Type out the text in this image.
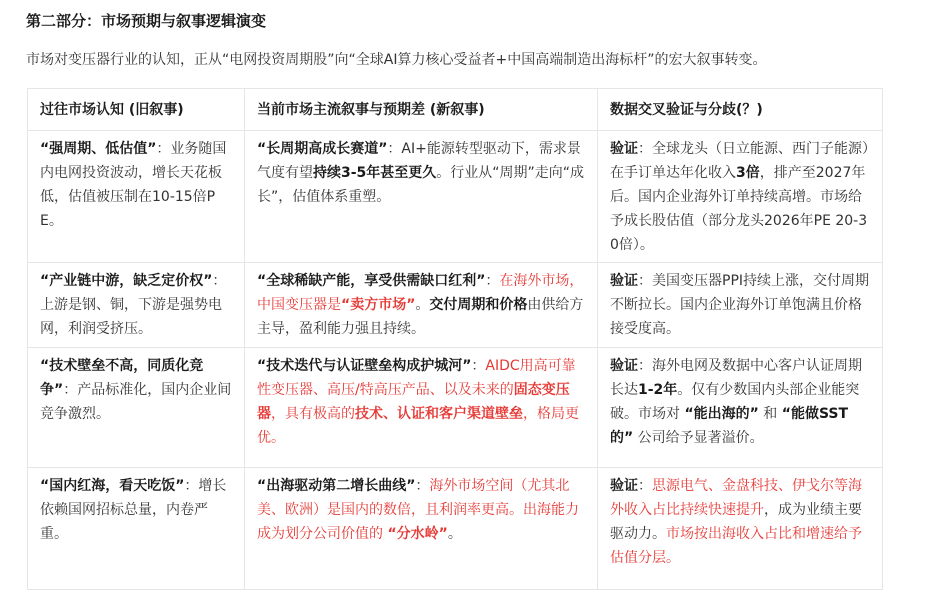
第二部分：市场预期与叙事逻辑演变
市场对变压器行业的认知，正从“电网投资周期股”向“全球AI算力核心受益者+中国高端制造出海标杆”的宏大叙事转变。
过往市场认知 (旧叙事)	当前市场主流叙事与预期差 (新叙事)	数据交叉验证与分歧(？)
“强周期、低估值”：业务随国内电网投资波动，增长天花板低，估值被压制在10-15倍PE。	“长周期高成长赛道”：AI+能源转型驱动下，需求景气度有望持续3-5年甚至更久。行业从“周期”走向“成长”，估值体系重塑。	验证：全球龙头（日立能源、西门子能源）在手订单达年化收入3倍，排产至2027年后。国内企业海外订单持续高增。市场给予成长股估值（部分龙头2026年PE 20-30倍）。
“产业链中游，缺乏定价权”：上游是钢、铜，下游是强势电网，利润受挤压。	“全球稀缺产能，享受供需缺口红利”：在海外市场，中国变压器是“卖方市场”。交付周期和价格由供给方主导，盈利能力强且持续。	验证：美国变压器PPI持续上涨，交付周期不断拉长。国内企业海外订单饱满且价格接受度高。
“技术壁垒不高，同质化竞争”：产品标准化，国内企业间竞争激烈。	“技术迭代与认证壁垒构成护城河”：AIDC用高可靠性变压器、高压/特高压产品、以及未来的固态变压器，具有极高的技术、认证和客户渠道壁垒，格局更优。	验证：海外电网及数据中心客户认证周期长达1-2年。仅有少数国内头部企业能突破。市场对 “能出海的” 和 “能做SST的” 公司给予显著溢价。
“国内红海，看天吃饭”：增长依赖国网招标总量，内卷严重。	“出海驱动第二增长曲线”：海外市场空间（尤其北美、欧洲）是国内的数倍，且利润率更高。出海能力成为划分公司价值的 “分水岭”。	验证：思源电气、金盘科技、伊戈尔等海外收入占比持续快速提升，成为业绩主要驱动力。市场按出海收入占比和增速给予估值分层。
